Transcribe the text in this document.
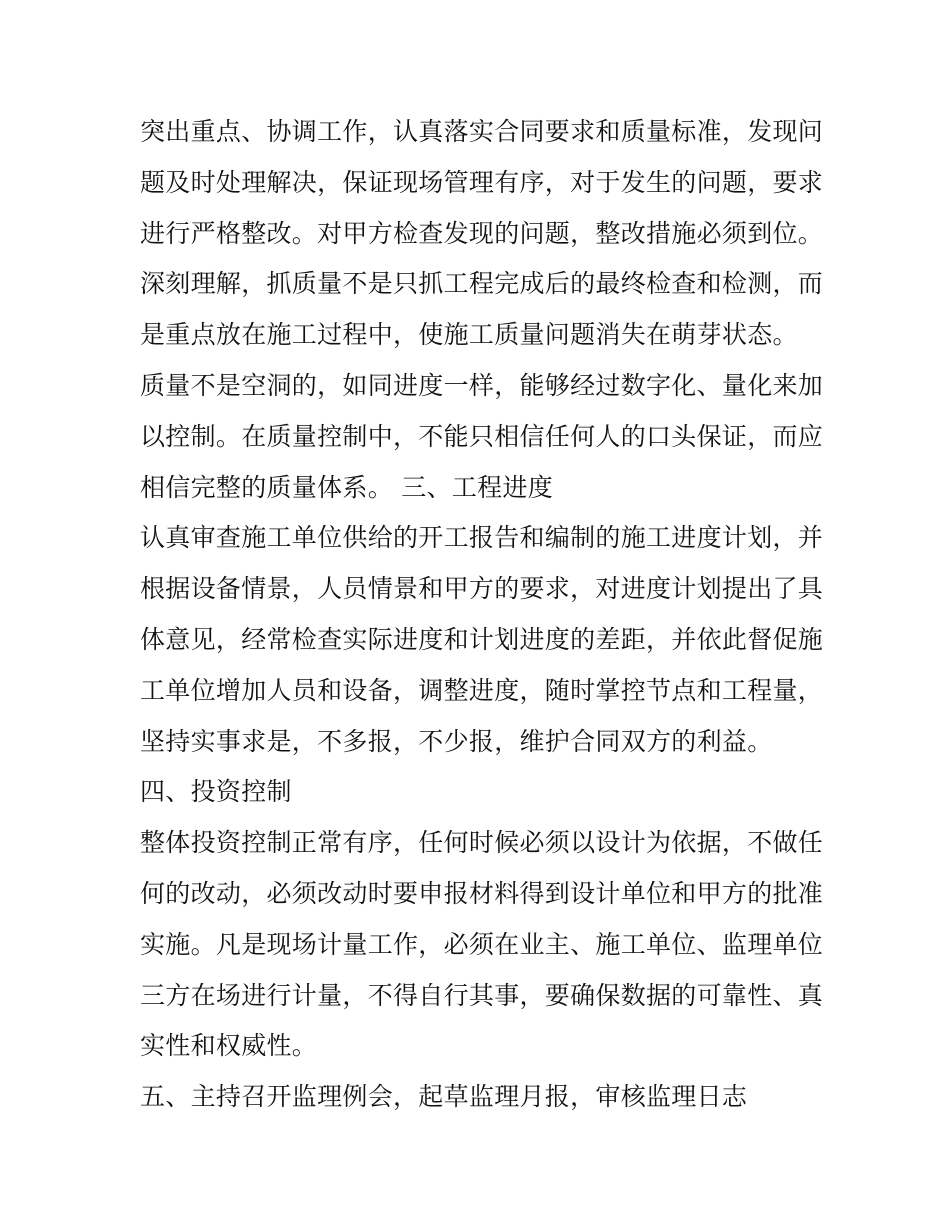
突出重点、协调工作，认真落实合同要求和质量标准，发现问
题及时处理解决，保证现场管理有序，对于发生的问题，要求
进行严格整改。对甲方检查发现的问题，整改措施必须到位。
深刻理解，抓质量不是只抓工程完成后的最终检查和检测，而
是重点放在施工过程中，使施工质量问题消失在萌芽状态。
质量不是空洞的，如同进度一样，能够经过数字化、量化来加
以控制。在质量控制中，不能只相信任何人的口头保证，而应
相信完整的质量体系。 三、工程进度
认真审查施工单位供给的开工报告和编制的施工进度计划，并
根据设备情景，人员情景和甲方的要求，对进度计划提出了具
体意见，经常检查实际进度和计划进度的差距，并依此督促施
工单位增加人员和设备，调整进度，随时掌控节点和工程量，
坚持实事求是，不多报，不少报，维护合同双方的利益。
四、投资控制
整体投资控制正常有序，任何时候必须以设计为依据，不做任
何的改动，必须改动时要申报材料得到设计单位和甲方的批准
实施。凡是现场计量工作，必须在业主、施工单位、监理单位
三方在场进行计量，不得自行其事，要确保数据的可靠性、真
实性和权威性。
五、主持召开监理例会，起草监理月报，审核监理日志
